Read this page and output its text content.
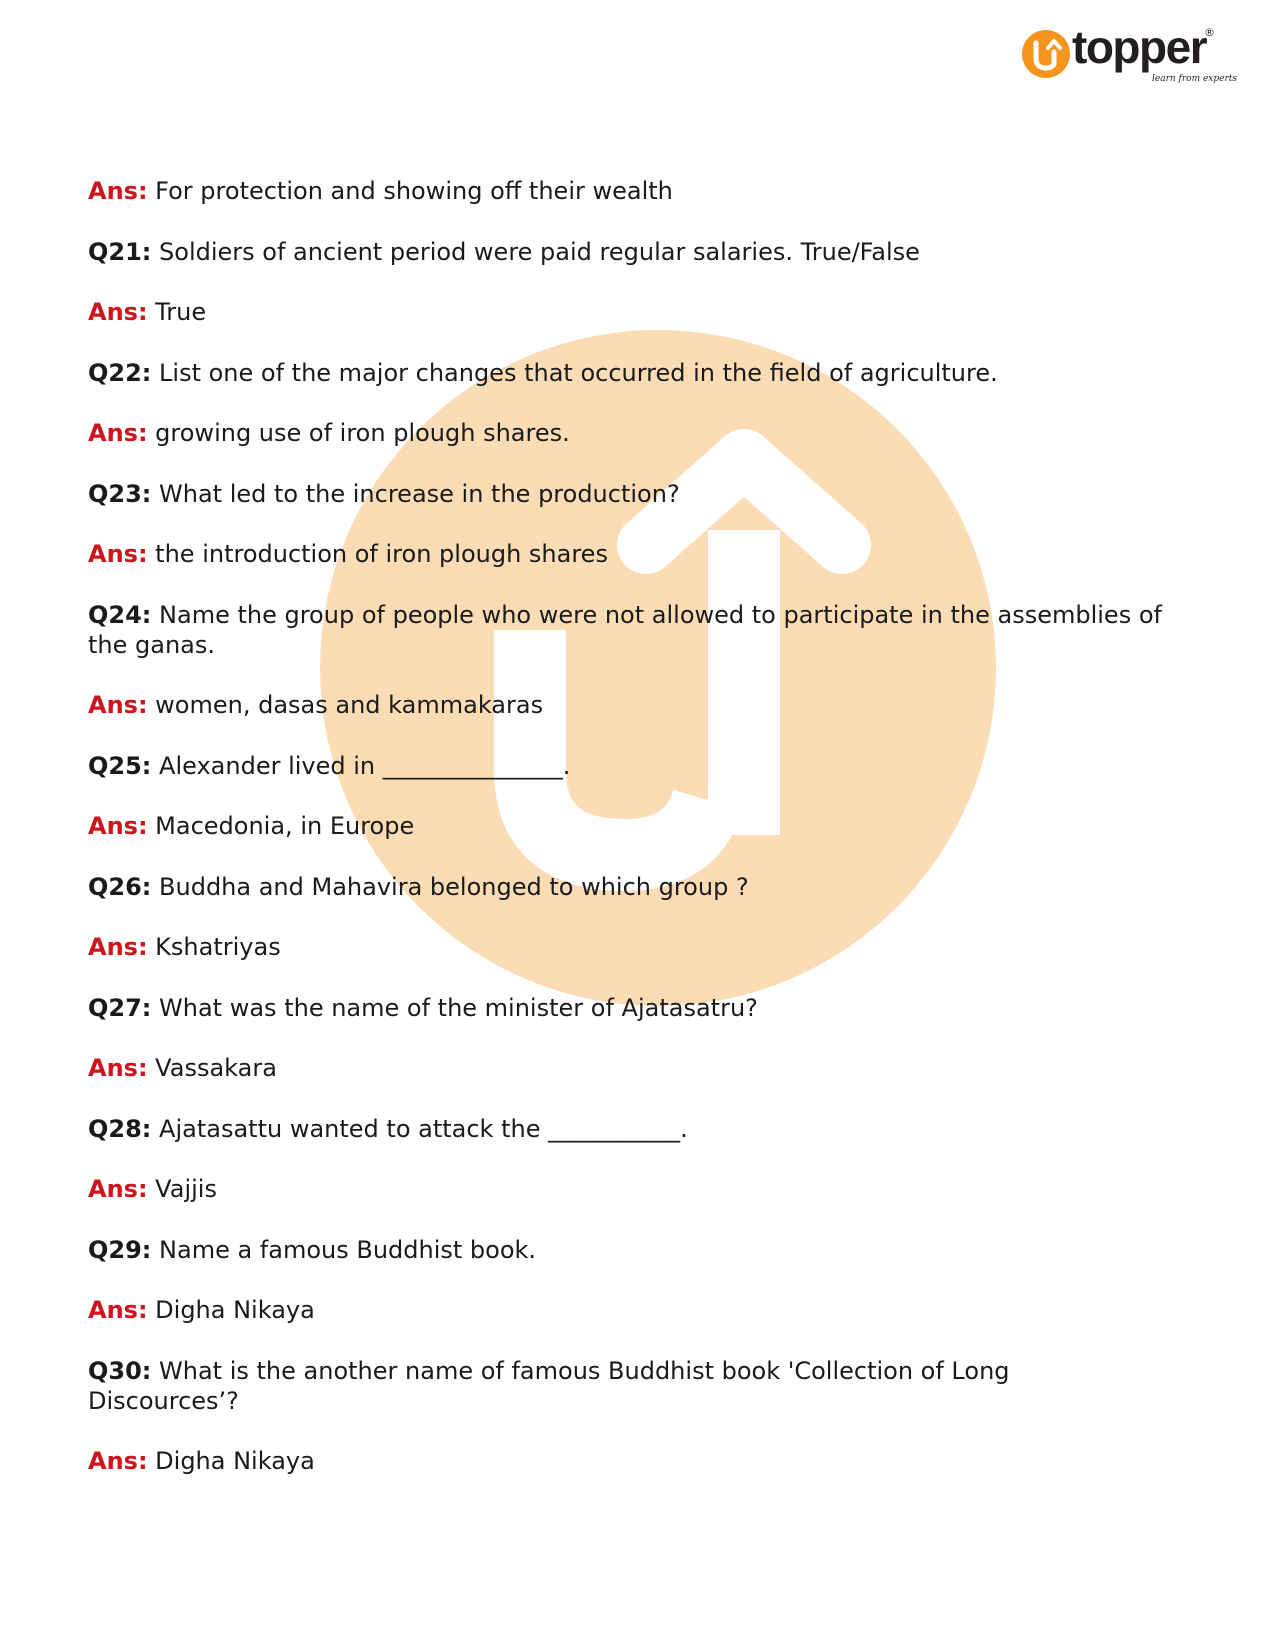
topper
®
learn from experts

Ans: For protection and showing off their wealth

Q21: Soldiers of ancient period were paid regular salaries. True/False

Ans: True

Q22: List one of the major changes that occurred in the field of agriculture.

Ans: growing use of iron plough shares.

Q23: What led to the increase in the production?

Ans: the introduction of iron plough shares

Q24: Name the group of people who were not allowed to participate in the assemblies of the ganas.

Ans: women, dasas and kammakaras

Q25: Alexander lived in _______________.

Ans: Macedonia, in Europe

Q26: Buddha and Mahavira belonged to which group ?

Ans: Kshatriyas

Q27: What was the name of the minister of Ajatasatru?

Ans: Vassakara

Q28: Ajatasattu wanted to attack the ___________.

Ans: Vajjis

Q29: Name a famous Buddhist book.

Ans: Digha Nikaya

Q30: What is the another name of famous Buddhist book 'Collection of Long Discources’?

Ans: Digha Nikaya
